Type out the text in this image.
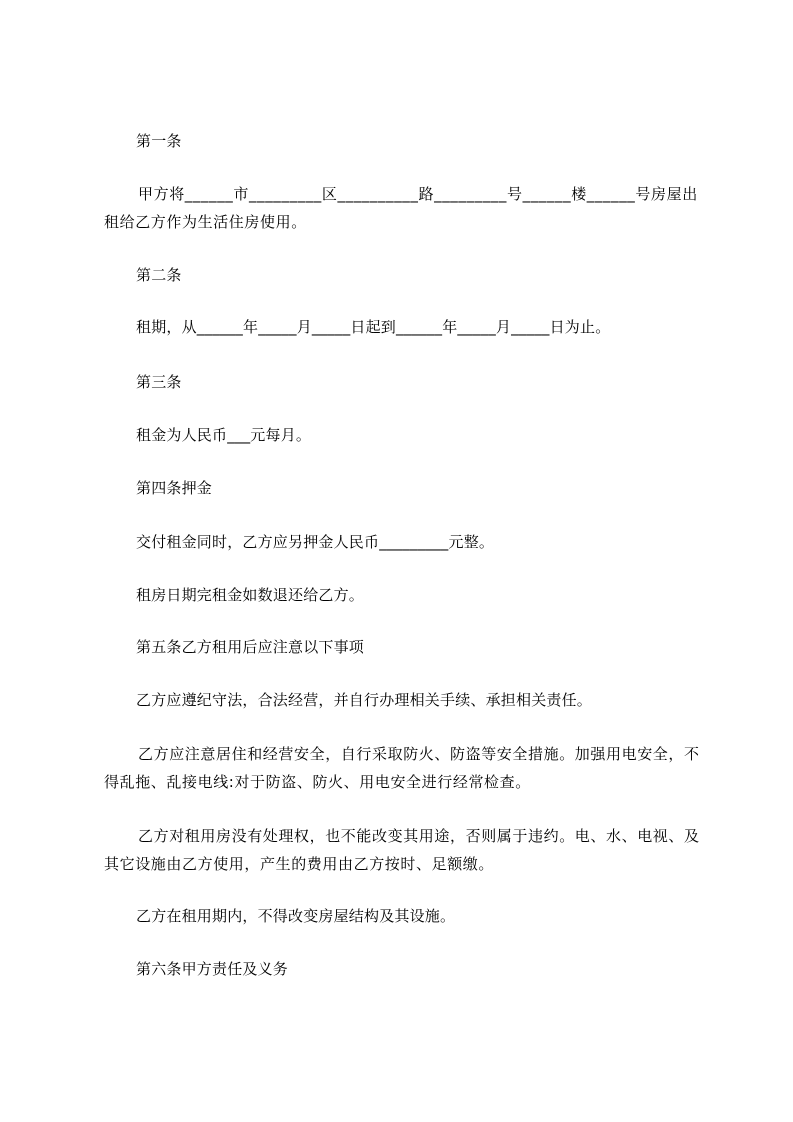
第一条
甲方将______市_________区__________路_________号______楼______号房屋出租给乙方作为生活住房使用。
第二条
租期，从______年_____月_____日起到______年_____月_____日为止。
第三条
租金为人民币___元每月。
第四条押金
交付租金同时，乙方应另押金人民币_________元整。
租房日期完租金如数退还给乙方。
第五条乙方租用后应注意以下事项
乙方应遵纪守法，合法经营，并自行办理相关手续、承担相关责任。
乙方应注意居住和经营安全，自行采取防火、防盗等安全措施。加强用电安全，不得乱拖、乱接电线:对于防盗、防火、用电安全进行经常检查。
乙方对租用房没有处理权，也不能改变其用途，否则属于违约。电、水、电视、及其它设施由乙方使用，产生的费用由乙方按时、足额缴。
乙方在租用期内，不得改变房屋结构及其设施。
第六条甲方责任及义务
